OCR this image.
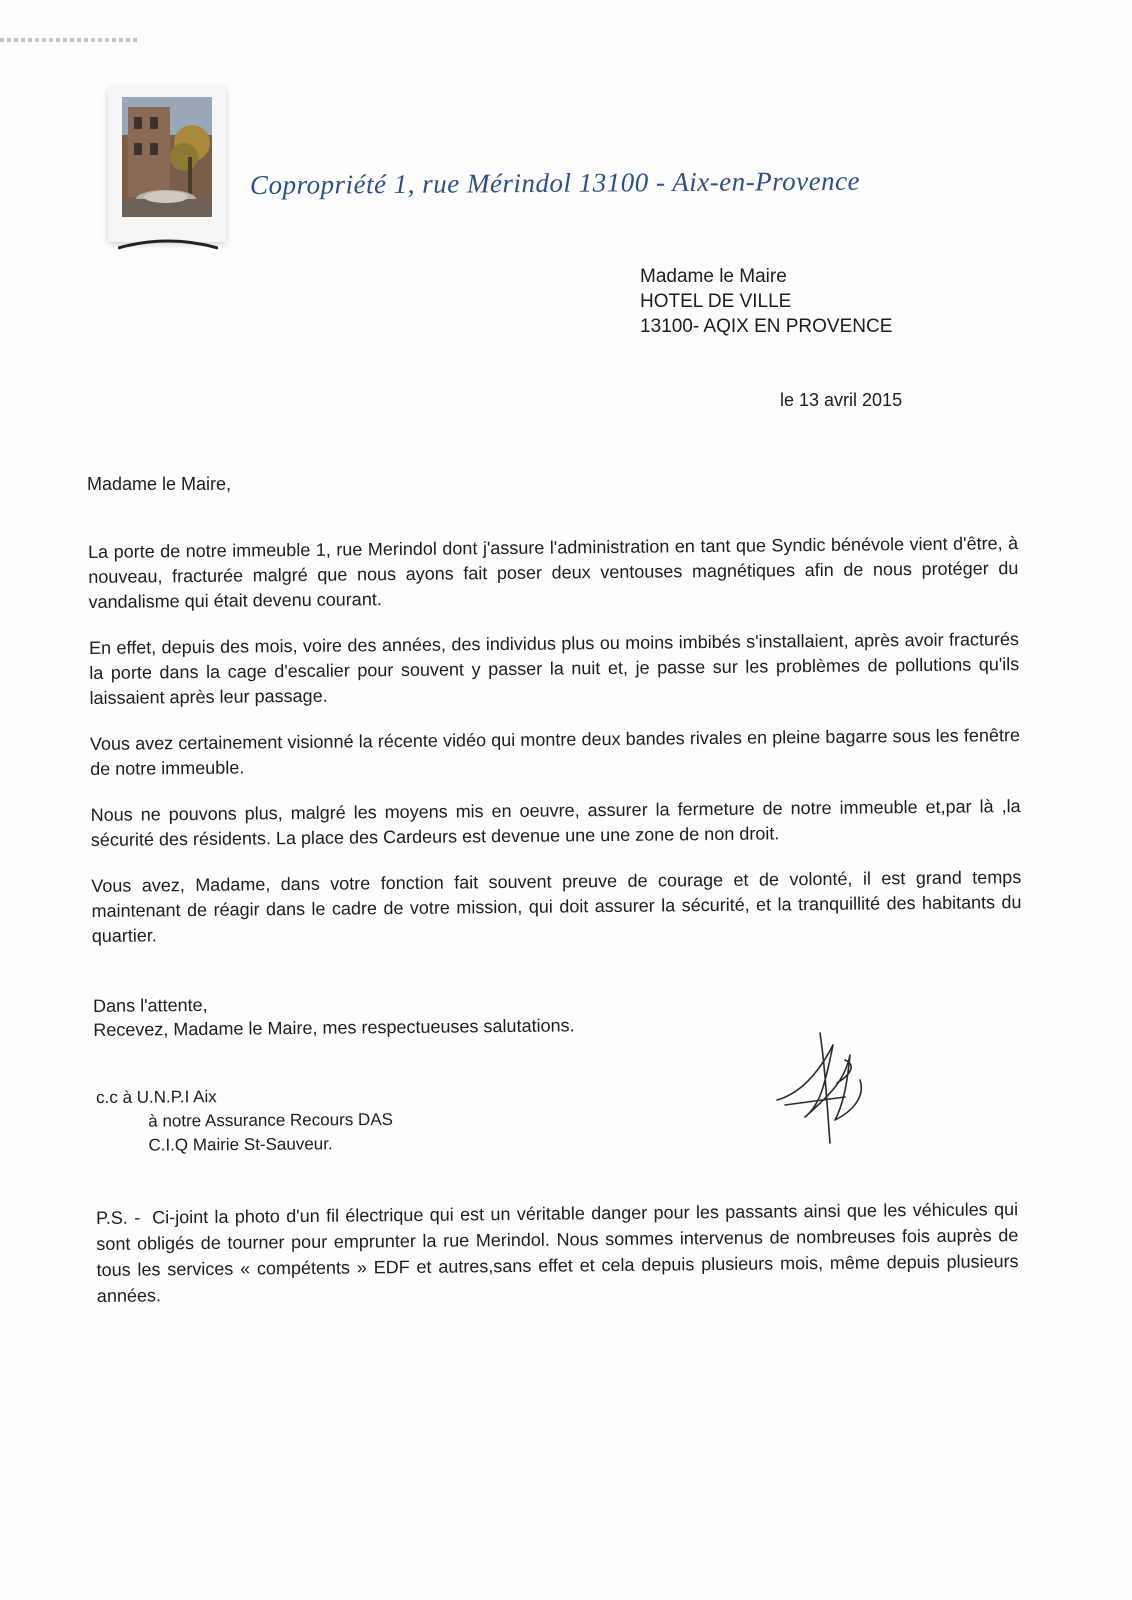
Copropriété 1, rue Mérindol 13100 - Aix-en-Provence
Madame le Maire
HOTEL DE VILLE
13100- AQIX EN PROVENCE
le 13 avril 2015
Madame le Maire,

La porte de notre immeuble 1, rue Merindol dont j'assure l'administration en tant que Syndic bénévole vient d'être, à nouveau, fracturée malgré que nous ayons fait poser deux ventouses magnétiques afin de nous protéger du vandalisme qui était devenu courant.

En effet, depuis des mois, voire des années, des individus plus ou moins imbibés s'installaient, après avoir fracturés la porte dans la cage d'escalier pour souvent y passer la nuit et, je passe sur les problèmes de pollutions qu'ils laissaient après leur passage.

Vous avez certainement visionné la récente vidéo qui montre deux bandes rivales en pleine bagarre sous les fenêtre de notre immeuble.

Nous ne pouvons plus, malgré les moyens mis en oeuvre, assurer la fermeture de notre immeuble et,par là ,la sécurité des résidents. La place des Cardeurs est devenue une une zone de non droit.

Vous avez, Madame, dans votre fonction fait souvent preuve de courage et de volonté, il est grand temps maintenant de réagir dans le cadre de votre mission, qui doit assurer la sécurité, et la tranquillité des habitants du quartier.

Dans l'attente,
Recevez, Madame le Maire, mes respectueuses salutations.
c.c à U.N.P.I Aix
à notre Assurance Recours DAS
C.I.Q Mairie St-Sauveur.
P.S. - Ci-joint la photo d'un fil électrique qui est un véritable danger pour les passants ainsi que les véhicules qui sont obligés de tourner pour emprunter la rue Merindol. Nous sommes intervenus de nombreuses fois auprès de tous les services « compétents » EDF et autres,sans effet et cela depuis plusieurs mois, même depuis plusieurs années.
